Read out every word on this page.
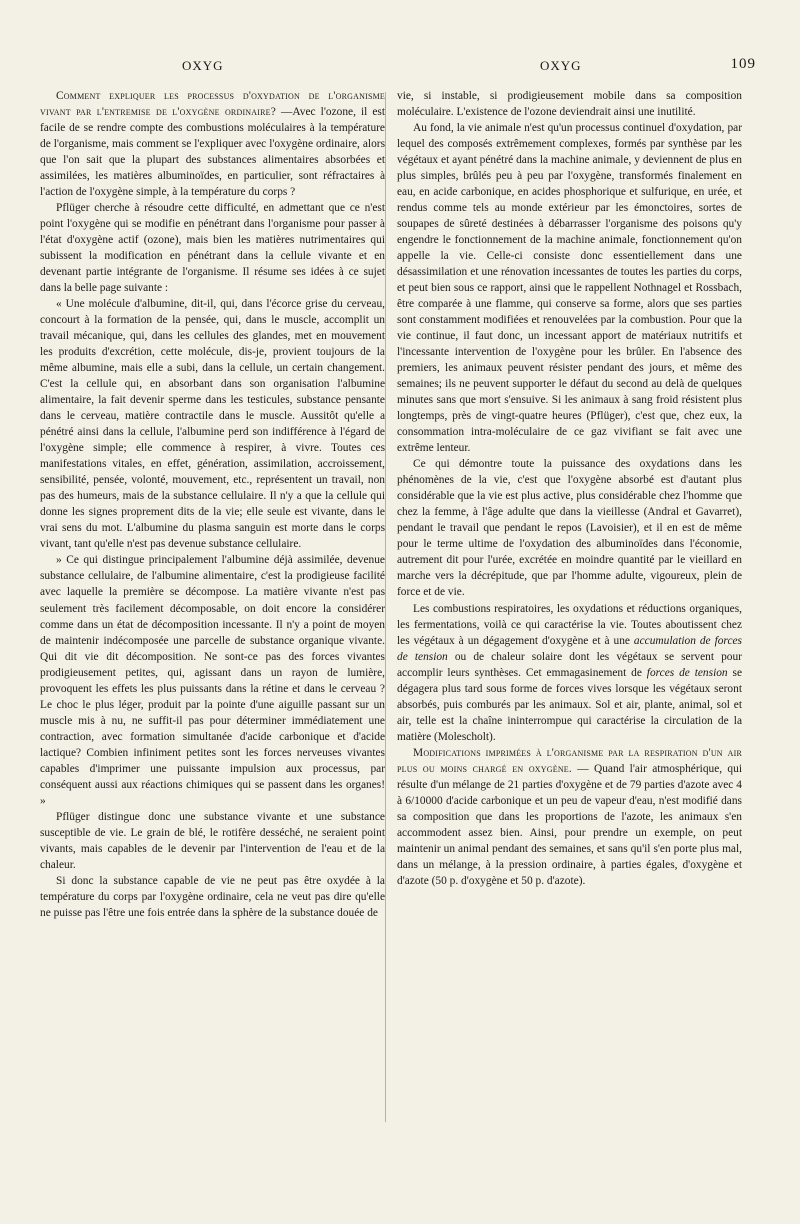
OXYG	OXYG	109

Comment expliquer les processus d'oxydation de l'organisme vivant par l'entremise de l'oxygène ordinaire? —Avec l'ozone, il est facile de se rendre compte des combustions moléculaires à la température de l'organisme, mais comment se l'expliquer avec l'oxygène ordinaire, alors que l'on sait que la plupart des substances alimentaires absorbées et assimilées, les matières albuminoïdes, en particulier, sont réfractaires à l'action de l'oxygène simple, à la température du corps ?

Pflüger cherche à résoudre cette difficulté, en admettant que ce n'est point l'oxygène qui se modifie en pénétrant dans l'organisme pour passer à l'état d'oxygène actif (ozone), mais bien les matières nutrimentaires qui subissent la modification en pénétrant dans la cellule vivante et en devenant partie intégrante de l'organisme. Il résume ses idées à ce sujet dans la belle page suivante :

« Une molécule d'albumine, dit-il, qui, dans l'écorce grise du cerveau, concourt à la formation de la pensée, qui, dans le muscle, accomplit un travail mécanique, qui, dans les cellules des glandes, met en mouvement les produits d'excrétion, cette molécule, dis-je, provient toujours de la même albumine, mais elle a subi, dans la cellule, un certain changement. C'est la cellule qui, en absorbant dans son organisation l'albumine alimentaire, la fait devenir sperme dans les testicules, substance pensante dans le cerveau, matière contractile dans le muscle. Aussitôt qu'elle a pénétré ainsi dans la cellule, l'albumine perd son indifférence à l'égard de l'oxygène simple; elle commence à respirer, à vivre. Toutes ces manifestations vitales, en effet, génération, assimilation, accroissement, sensibilité, pensée, volonté, mouvement, etc., représentent un travail, non pas des humeurs, mais de la substance cellulaire. Il n'y a que la cellule qui donne les signes proprement dits de la vie; elle seule est vivante, dans le vrai sens du mot. L'albumine du plasma sanguin est morte dans le corps vivant, tant qu'elle n'est pas devenue substance cellulaire.

» Ce qui distingue principalement l'albumine déjà assimilée, devenue substance cellulaire, de l'albumine alimentaire, c'est la prodigieuse facilité avec laquelle la première se décompose. La matière vivante n'est pas seulement très facilement décomposable, on doit encore la considérer comme dans un état de décomposition incessante. Il n'y a point de moyen de maintenir indécomposée une parcelle de substance organique vivante. Qui dit vie dit décomposition. Ne sont-ce pas des forces vivantes prodigieusement petites, qui, agissant dans un rayon de lumière, provoquent les effets les plus puissants dans la rétine et dans le cerveau ? Le choc le plus léger, produit par la pointe d'une aiguille passant sur un muscle mis à nu, ne suffit-il pas pour déterminer immédiatement une contraction, avec formation simultanée d'acide carbonique et d'acide lactique? Combien infiniment petites sont les forces nerveuses vivantes capables d'imprimer une puissante impulsion aux processus, par conséquent aussi aux réactions chimiques qui se passent dans les organes! »

Pflüger distingue donc une substance vivante et une substance susceptible de vie. Le grain de blé, le rotifère desséché, ne seraient point vivants, mais capables de le devenir par l'intervention de l'eau et de la chaleur.

Si donc la substance capable de vie ne peut pas être oxydée à la température du corps par l'oxygène ordinaire, cela ne veut pas dire qu'elle ne puisse pas l'être une fois entrée dans la sphère de la substance douée de

vie, si instable, si prodigieusement mobile dans sa composition moléculaire. L'existence de l'ozone deviendrait ainsi une inutilité.

Au fond, la vie animale n'est qu'un processus continuel d'oxydation, par lequel des composés extrêmement complexes, formés par synthèse par les végétaux et ayant pénétré dans la machine animale, y deviennent de plus en plus simples, brûlés peu à peu par l'oxygène, transformés finalement en eau, en acide carbonique, en acides phosphorique et sulfurique, en urée, et rendus comme tels au monde extérieur par les émonctoires, sortes de soupapes de sûreté destinées à débarrasser l'organisme des poisons qu'y engendre le fonctionnement de la machine animale, fonctionnement qu'on appelle la vie. Celle-ci consiste donc essentiellement dans une désassimilation et une rénovation incessantes de toutes les parties du corps, et peut bien sous ce rapport, ainsi que le rappellent Nothnagel et Rossbach, être comparée à une flamme, qui conserve sa forme, alors que ses parties sont constamment modifiées et renouvelées par la combustion. Pour que la vie continue, il faut donc, un incessant apport de matériaux nutritifs et l'incessante intervention de l'oxygène pour les brûler. En l'absence des premiers, les animaux peuvent résister pendant des jours, et même des semaines; ils ne peuvent supporter le défaut du second au delà de quelques minutes sans que mort s'ensuive. Si les animaux à sang froid résistent plus longtemps, près de vingt-quatre heures (Pflüger), c'est que, chez eux, la consommation intra-moléculaire de ce gaz vivifiant se fait avec une extrême lenteur.

Ce qui démontre toute la puissance des oxydations dans les phénomènes de la vie, c'est que l'oxygène absorbé est d'autant plus considérable que la vie est plus active, plus considérable chez l'homme que chez la femme, à l'âge adulte que dans la vieillesse (Andral et Gavarret), pendant le travail que pendant le repos (Lavoisier), et il en est de même pour le terme ultime de l'oxydation des albuminoïdes dans l'économie, autrement dit pour l'urée, excrétée en moindre quantité par le vieillard en marche vers la décrépitude, que par l'homme adulte, vigoureux, plein de force et de vie.

Les combustions respiratoires, les oxydations et réductions organiques, les fermentations, voilà ce qui caractérise la vie. Toutes aboutissent chez les végétaux à un dégagement d'oxygène et à une accumulation de forces de tension ou de chaleur solaire dont les végétaux se servent pour accomplir leurs synthèses. Cet emmagasinement de forces de tension se dégagera plus tard sous forme de forces vives lorsque les végétaux seront absorbés, puis comburés par les animaux. Sol et air, plante, animal, sol et air, telle est la chaîne ininterrompue qui caractérise la circulation de la matière (Molescholt).

Modifications imprimées à l'organisme par la respiration d'un air plus ou moins chargé en oxygène. — Quand l'air atmosphérique, qui résulte d'un mélange de 21 parties d'oxygène et de 79 parties d'azote avec 4 à 6/10000 d'acide carbonique et un peu de vapeur d'eau, n'est modifié dans sa composition que dans les proportions de l'azote, les animaux s'en accommodent assez bien. Ainsi, pour prendre un exemple, on peut maintenir un animal pendant des semaines, et sans qu'il s'en porte plus mal, dans un mélange, à la pression ordinaire, à parties égales, d'oxygène et d'azote (50 p. d'oxygène et 50 p. d'azote).
